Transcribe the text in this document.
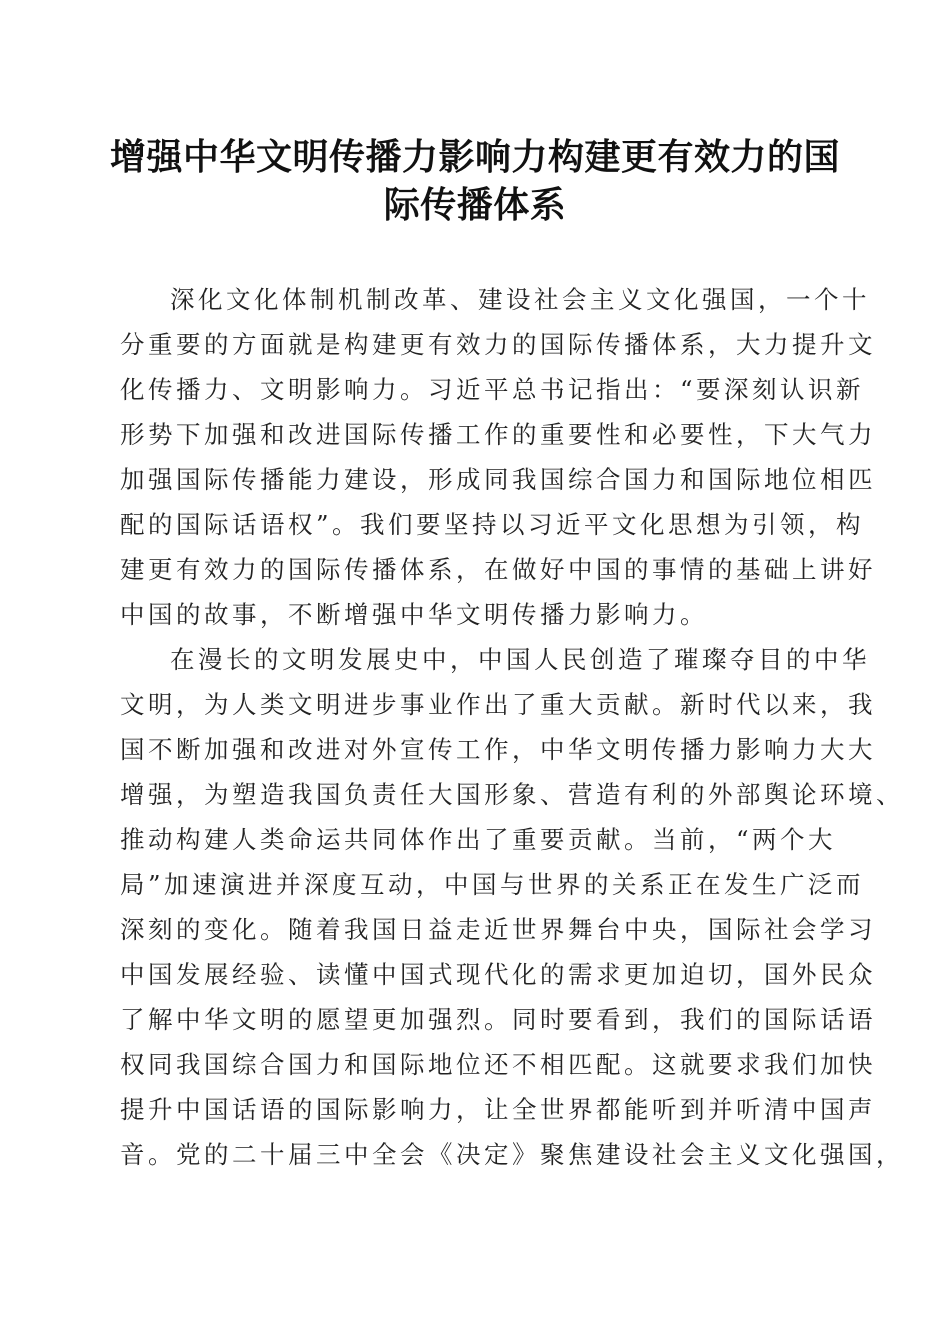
增强中华文明传播力影响力构建更有效力的国
际传播体系
深化文化体制机制改革、建设社会主义文化强国，一个十
分重要的方面就是构建更有效力的国际传播体系，大力提升文
化传播力、文明影响力。习近平总书记指出：“要深刻认识新
形势下加强和改进国际传播工作的重要性和必要性，下大气力
加强国际传播能力建设，形成同我国综合国力和国际地位相匹
配的国际话语权”。我们要坚持以习近平文化思想为引领，构
建更有效力的国际传播体系，在做好中国的事情的基础上讲好
中国的故事，不断增强中华文明传播力影响力。
在漫长的文明发展史中，中国人民创造了璀璨夺目的中华
文明，为人类文明进步事业作出了重大贡献。新时代以来，我
国不断加强和改进对外宣传工作，中华文明传播力影响力大大
增强，为塑造我国负责任大国形象、营造有利的外部舆论环境、
推动构建人类命运共同体作出了重要贡献。当前，“两个大
局”加速演进并深度互动，中国与世界的关系正在发生广泛而
深刻的变化。随着我国日益走近世界舞台中央，国际社会学习
中国发展经验、读懂中国式现代化的需求更加迫切，国外民众
了解中华文明的愿望更加强烈。同时要看到，我们的国际话语
权同我国综合国力和国际地位还不相匹配。这就要求我们加快
提升中国话语的国际影响力，让全世界都能听到并听清中国声
音。党的二十届三中全会《决定》聚焦建设社会主义文化强国，
